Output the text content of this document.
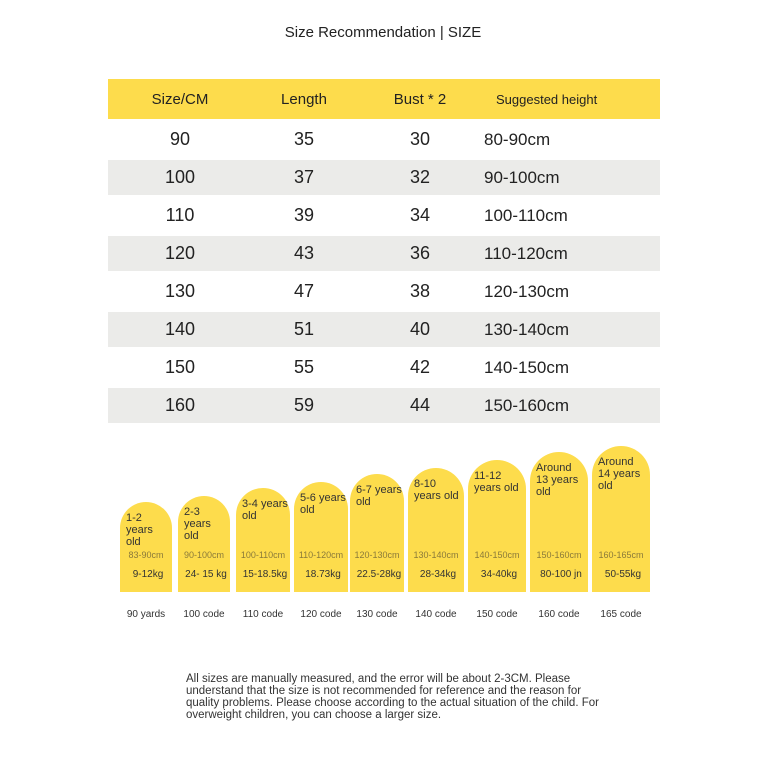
Size Recommendation | SIZE
Size/CM	Length	Bust * 2	Suggested height
90	35	30	80-90cm
100	37	32	90-100cm
110	39	34	100-110cm
120	43	36	110-120cm
130	47	38	120-130cm
140	51	40	130-140cm
150	55	42	140-150cm
160	59	44	150-160cm
1-2 years old
83-90cm
9-12kg
90 yards
2-3 years old
90-100cm
24- 15 kg
100 code
3-4 years old
100-110cm
15-18.5kg
110 code
5-6 years old
110-120cm
18.73kg
120 code
6-7 years old
120-130cm
22.5-28kg
130 code
8-10 years old
130-140cm
28-34kg
140 code
11-12 years old
140-150cm
34-40kg
150 code
Around 13 years old
150-160cm
80-100 jn
160 code
Around 14 years old
160-165cm
50-55kg
165 code
All sizes are manually measured, and the error will be about 2-3CM. Please understand that the size is not recommended for reference and the reason for quality problems. Please choose according to the actual situation of the child. For overweight children, you can choose a larger size.
